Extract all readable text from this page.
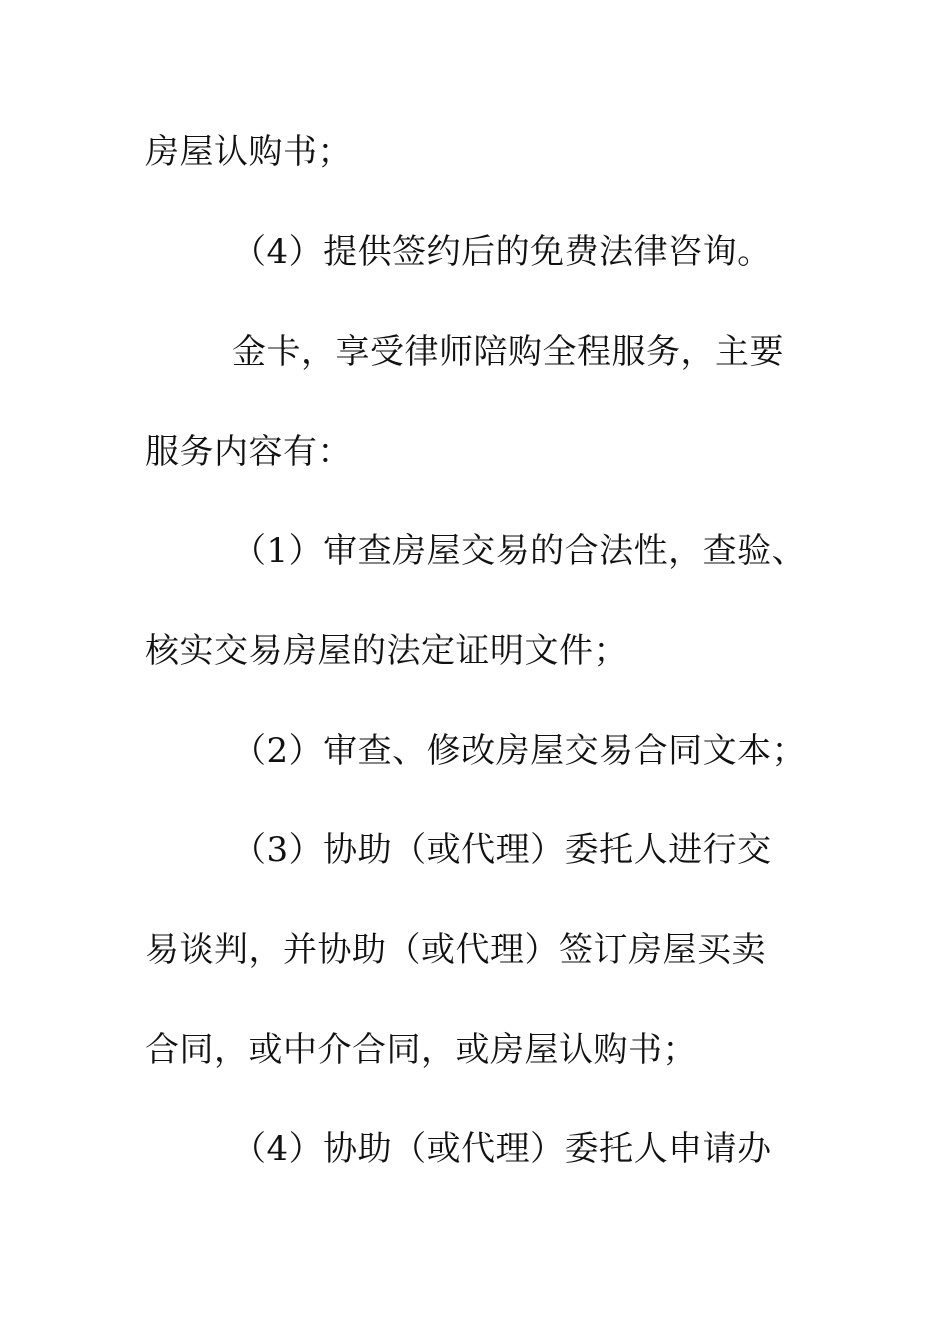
房屋认购书；
（4）提供签约后的免费法律咨询。
金卡，享受律师陪购全程服务，主要
服务内容有：
（1）审查房屋交易的合法性，查验、
核实交易房屋的法定证明文件；
（2）审查、修改房屋交易合同文本；
（3）协助（或代理）委托人进行交
易谈判，并协助（或代理）签订房屋买卖
合同，或中介合同，或房屋认购书；
（4）协助（或代理）委托人申请办
